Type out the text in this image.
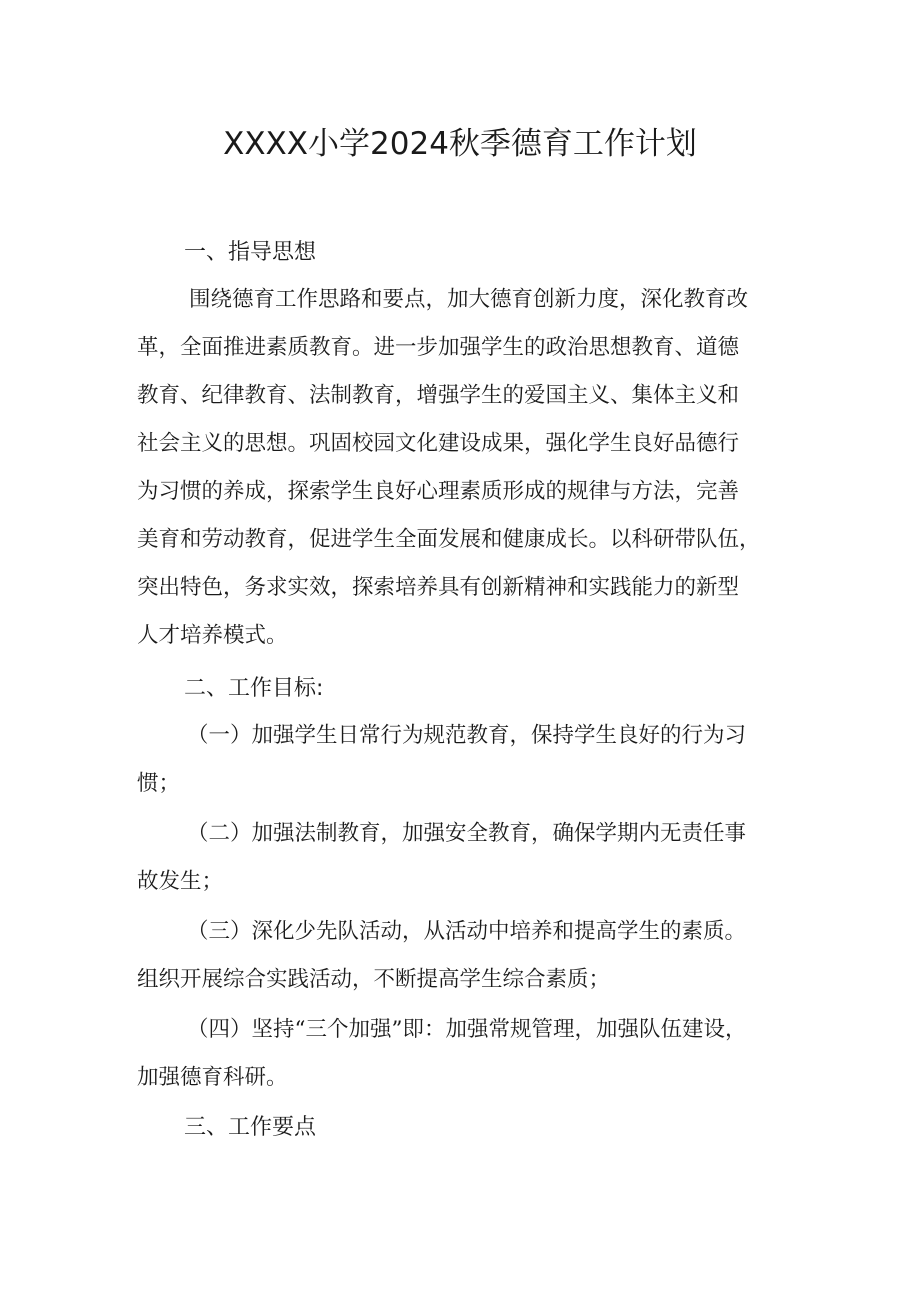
XXXX小学2024秋季德育工作计划
一、指导思想
围绕德育工作思路和要点，加大德育创新力度，深化教育改
革，全面推进素质教育。进一步加强学生的政治思想教育、道德
教育、纪律教育、法制教育，增强学生的爱国主义、集体主义和
社会主义的思想。巩固校园文化建设成果，强化学生良好品德行
为习惯的养成，探索学生良好心理素质形成的规律与方法，完善
美育和劳动教育，促进学生全面发展和健康成长。以科研带队伍，
突出特色，务求实效，探索培养具有创新精神和实践能力的新型
人才培养模式。
二、工作目标:
（一）加强学生日常行为规范教育，保持学生良好的行为习
惯；
（二）加强法制教育，加强安全教育，确保学期内无责任事
故发生；
（三）深化少先队活动，从活动中培养和提高学生的素质。
组织开展综合实践活动，不断提高学生综合素质；
（四）坚持“三个加强”即：加强常规管理，加强队伍建设，
加强德育科研。
三、工作要点
